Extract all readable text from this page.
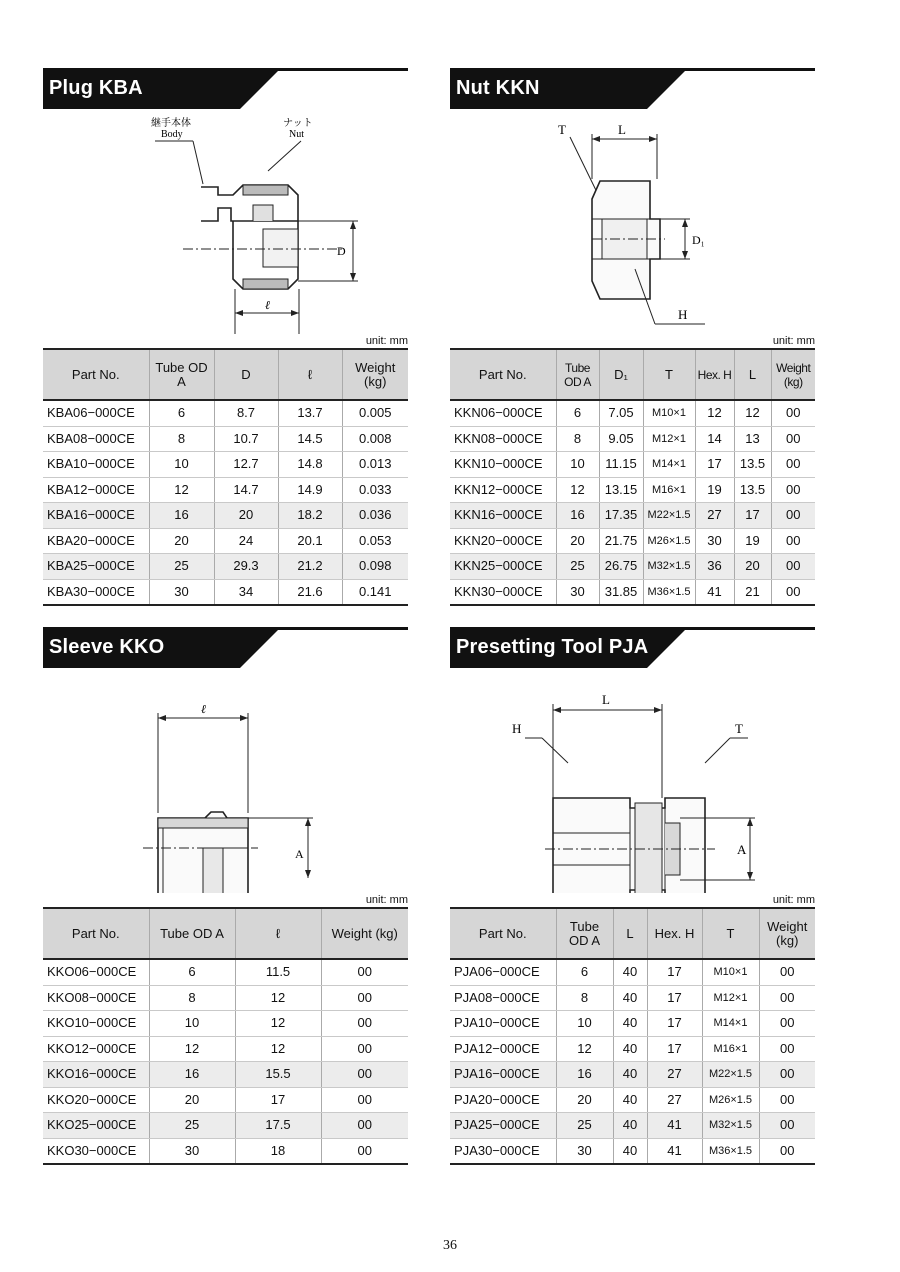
Plug KBA
継手本体
Body
ナット
Nut
D
ℓ
unit: mm
Part No.	Tube OD A	D	ℓ	Weight (kg)
KBA06−000CE	6	8.7	13.7	0.005
KBA08−000CE	8	10.7	14.5	0.008
KBA10−000CE	10	12.7	14.8	0.013
KBA12−000CE	12	14.7	14.9	0.033
KBA16−000CE	16	20	18.2	0.036
KBA20−000CE	20	24	20.1	0.053
KBA25−000CE	25	29.3	21.2	0.098
KBA30−000CE	30	34	21.6	0.141
Nut KKN
T	L
D₁
H
unit: mm
Part No.	Tube OD A	D₁	T	Hex. H	L	Weight (kg)
KKN06−000CE	6	7.05	M10×1	12	12	00
KKN08−000CE	8	9.05	M12×1	14	13	00
KKN10−000CE	10	11.15	M14×1	17	13.5	00
KKN12−000CE	12	13.15	M16×1	19	13.5	00
KKN16−000CE	16	17.35	M22×1.5	27	17	00
KKN20−000CE	20	21.75	M26×1.5	30	19	00
KKN25−000CE	25	26.75	M32×1.5	36	20	00
KKN30−000CE	30	31.85	M36×1.5	41	21	00
Sleeve KKO
ℓ
A
unit: mm
Part No.	Tube OD A	ℓ	Weight (kg)
KKO06−000CE	6	11.5	00
KKO08−000CE	8	12	00
KKO10−000CE	10	12	00
KKO12−000CE	12	12	00
KKO16−000CE	16	15.5	00
KKO20−000CE	20	17	00
KKO25−000CE	25	17.5	00
KKO30−000CE	30	18	00
Presetting Tool PJA
L
H	T
A
unit: mm
Part No.	Tube OD A	L	Hex. H	T	Weight (kg)
PJA06−000CE	6	40	17	M10×1	00
PJA08−000CE	8	40	17	M12×1	00
PJA10−000CE	10	40	17	M14×1	00
PJA12−000CE	12	40	17	M16×1	00
PJA16−000CE	16	40	27	M22×1.5	00
PJA20−000CE	20	40	27	M26×1.5	00
PJA25−000CE	25	40	41	M32×1.5	00
PJA30−000CE	30	40	41	M36×1.5	00
36
